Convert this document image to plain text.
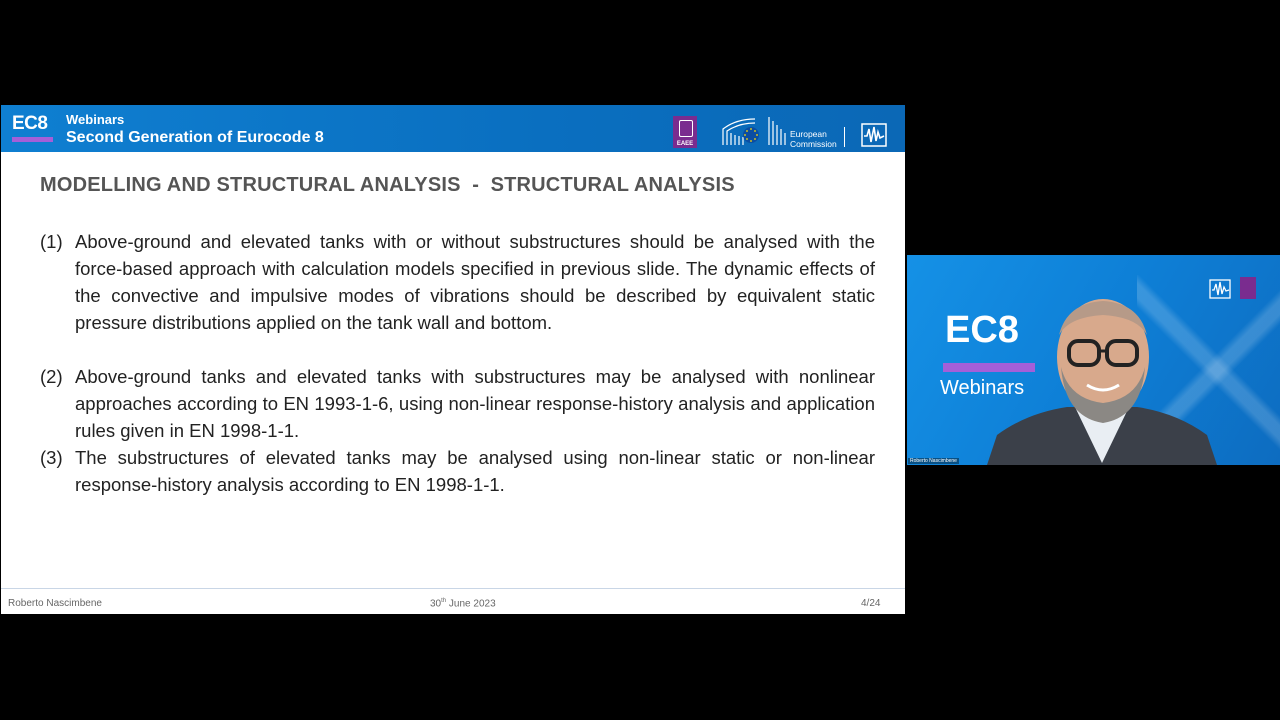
EC8 Webinars
Second Generation of Eurocode 8	EAEE
European
Commission
MODELLING AND STRUCTURAL ANALYSIS  -  STRUCTURAL ANALYSIS
(1) Above-ground and elevated tanks with or without substructures should be analysed with the force-based approach with calculation models specified in previous slide. The dynamic effects of the convective and impulsive modes of vibrations should be described by equivalent static pressure distributions applied on the tank wall and bottom.
(2) Above-ground tanks and elevated tanks with substructures may be analysed with nonlinear approaches according to EN 1993-1-6, using non-linear response-history analysis and application rules given in EN 1998-1-1.
(3) The substructures of elevated tanks may be analysed using non-linear static or non-linear response-history analysis according to EN 1998-1-1.
Roberto Nascimbene	30th June 2023	4/24
EC8
Webinars
Roberto Nascimbene
